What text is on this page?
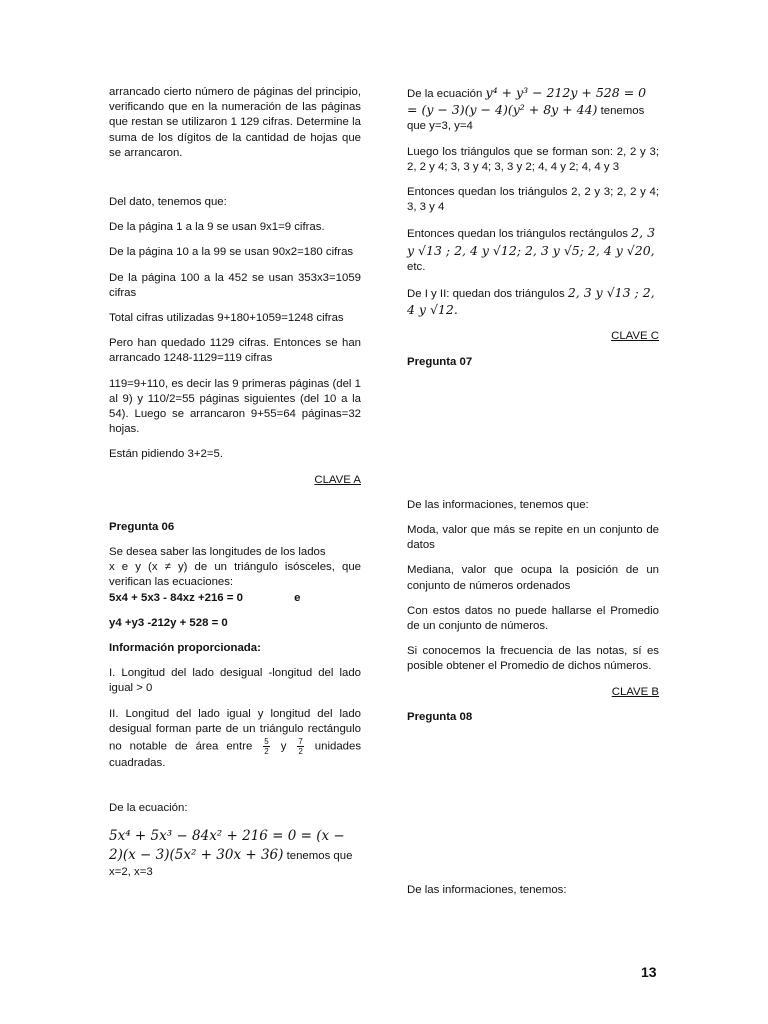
arrancado cierto número de páginas del principio, verificando que en la numeración de las páginas que restan se utilizaron 1 129 cifras. Determine la suma de los dígitos de la cantidad de hojas que se arrancaron.

Del dato, tenemos que:

De la página 1 a la 9 se usan 9x1=9 cifras.

De la página 10 a la 99 se usan 90x2=180 cifras

De la página 100 a la 452 se usan 353x3=1059 cifras

Total cifras utilizadas 9+180+1059=1248 cifras

Pero han quedado 1129 cifras. Entonces se han arrancado 1248-1129=119 cifras

119=9+110, es decir las 9 primeras páginas (del 1 al 9) y 110/2=55 páginas siguientes (del 10 a la 54). Luego se arrancaron 9+55=64 páginas=32 hojas.

Están pidiendo 3+2=5.

CLAVE A

Pregunta 06

Se desea saber las longitudes de los lados

x e y (x ≠ y) de un triángulo isósceles, que verifican las ecuaciones:

5x4 + 5x3 - 84xz +216 = 0	e

y4 +y3 -212y + 528 = 0

Información proporcionada:

I. Longitud del lado desigual -longitud del lado igual > 0

II. Longitud del lado igual y longitud del lado desigual forman parte de un triángulo rectángulo no notable de área entre $\frac{5}{2}$ y $\frac{7}{2}$ unidades cuadradas.

De la ecuación:

5x⁴ + 5x³ − 84x² + 216 = 0 = (x − 2)(x − 3)(5x² + 30x + 36) tenemos que x=2, x=3

De la ecuación y⁴ + y³ − 212y + 528 = 0 = (y − 3)(y − 4)(y² + 8y + 44) tenemos que y=3, y=4

Luego los triángulos que se forman son: 2, 2 y 3; 2, 2 y 4; 3, 3 y 4; 3, 3 y 2; 4, 4 y 2; 4, 4 y 3

Entonces quedan los triángulos 2, 2 y 3; 2, 2 y 4; 3, 3 y 4

Entonces quedan los triángulos rectángulos 2, 3 y √13 ; 2, 4 y √12; 2, 3 y √5; 2, 4 y √20, etc.

De I y II: quedan dos triángulos 2, 3 y √13 ; 2, 4 y √12.

CLAVE C

Pregunta 07

De las informaciones, tenemos que:

Moda, valor que más se repite en un conjunto de datos

Mediana, valor que ocupa la posición de un conjunto de números ordenados

Con estos datos no puede hallarse el Promedio de un conjunto de números.

Si conocemos la frecuencia de las notas, sí es posible obtener el Promedio de dichos números.

CLAVE B

Pregunta 08

De las informaciones, tenemos:

13
